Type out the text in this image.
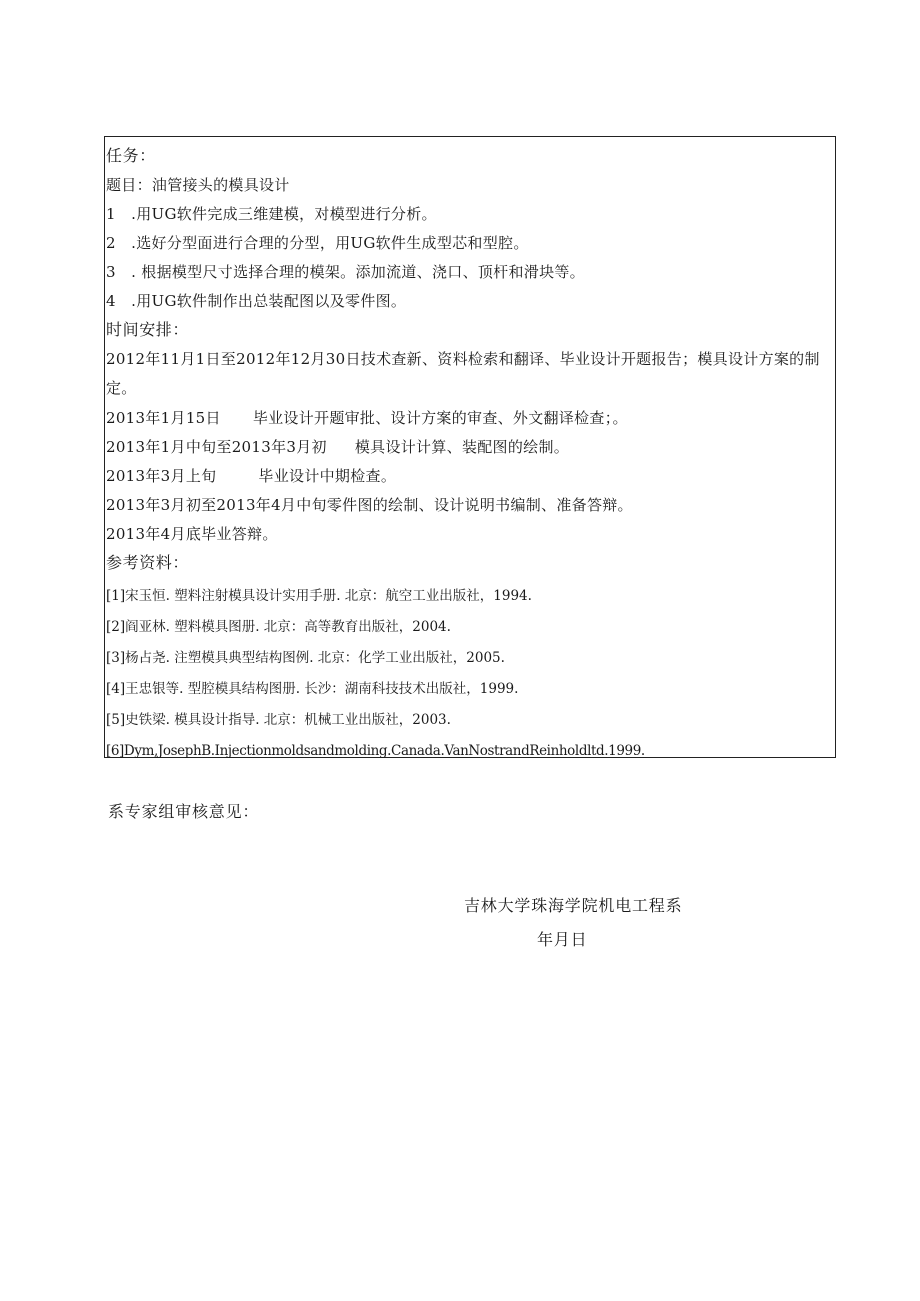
任务：
题目：油管接头的模具设计
1　.用UG软件完成三维建模，对模型进行分析。
2　.选好分型面进行合理的分型，用UG软件生成型芯和型腔。
3　. 根据模型尺寸选择合理的模架。添加流道、浇口、顶杆和滑块等。
4　.用UG软件制作出总装配图以及零件图。
时间安排：
2012年11月1日至2012年12月30日技术查新、资料检索和翻译、毕业设计开题报告；模具设计方案的制定。
2013年1月15日 毕业设计开题审批、设计方案的审查、外文翻译检查；。
2013年1月中旬至2013年3月初 模具设计计算、装配图的绘制。
2013年3月上旬	毕业设计中期检查。
2013年3月初至2013年4月中旬零件图的绘制、设计说明书编制、准备答辩。
2013年4月底毕业答辩。
参考资料：
[1]宋玉恒. 塑料注射模具设计实用手册. 北京：航空工业出版社，1994.
[2]阎亚林. 塑料模具图册. 北京：高等教育出版社，2004.
[3]杨占尧. 注塑模具典型结构图例. 北京：化学工业出版社，2005.
[4]王忠银等. 型腔模具结构图册. 长沙：湖南科技技术出版社，1999.
[5]史铁梁. 模具设计指导. 北京：机械工业出版社，2003.
[6]Dym,JosephB.Injectionmoldsandmolding.Canada.VanNostrandReinholdltd.1999.
系专家组审核意见：
吉林大学珠海学院机电工程系
年月日
